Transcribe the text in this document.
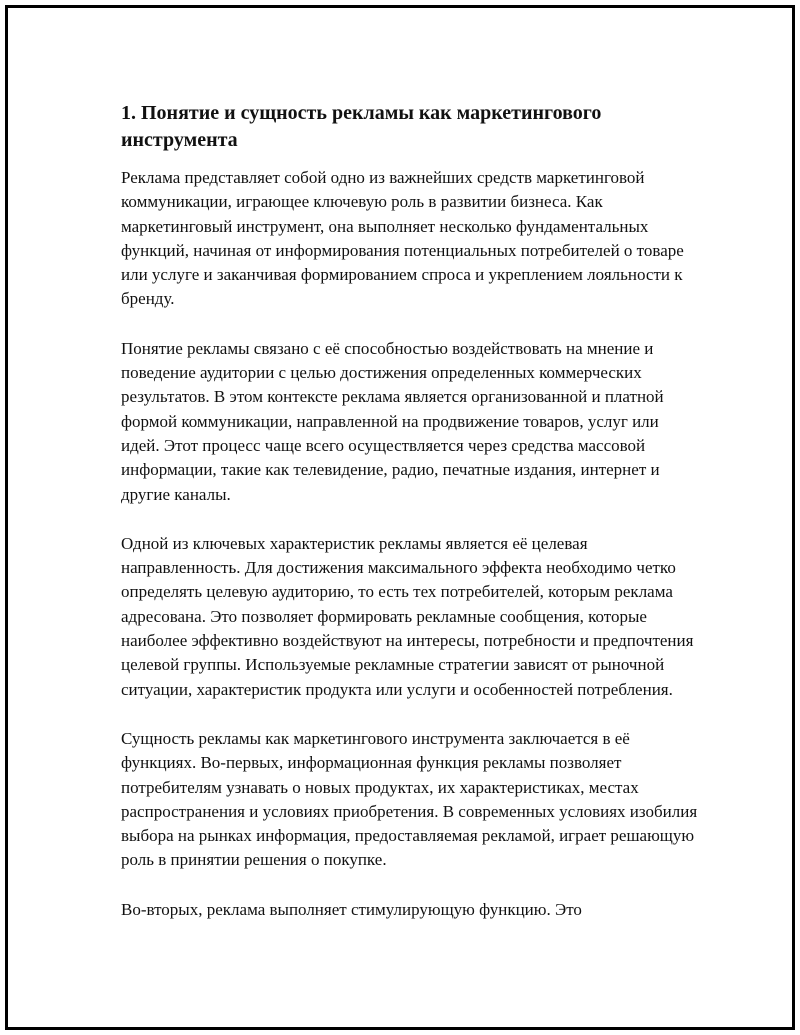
1. Понятие и сущность рекламы как маркетингового инструмента

Реклама представляет собой одно из важнейших средств маркетинговой коммуникации, играющее ключевую роль в развитии бизнеса. Как маркетинговый инструмент, она выполняет несколько фундаментальных функций, начиная от информирования потенциальных потребителей о товаре или услуге и заканчивая формированием спроса и укреплением лояльности к бренду.

Понятие рекламы связано с её способностью воздействовать на мнение и поведение аудитории с целью достижения определенных коммерческих результатов. В этом контексте реклама является организованной и платной формой коммуникации, направленной на продвижение товаров, услуг или идей. Этот процесс чаще всего осуществляется через средства массовой информации, такие как телевидение, радио, печатные издания, интернет и другие каналы.

Одной из ключевых характеристик рекламы является её целевая направленность. Для достижения максимального эффекта необходимо четко определять целевую аудиторию, то есть тех потребителей, которым реклама адресована. Это позволяет формировать рекламные сообщения, которые наиболее эффективно воздействуют на интересы, потребности и предпочтения целевой группы. Используемые рекламные стратегии зависят от рыночной ситуации, характеристик продукта или услуги и особенностей потребления.

Сущность рекламы как маркетингового инструмента заключается в её функциях. Во-первых, информационная функция рекламы позволяет потребителям узнавать о новых продуктах, их характеристиках, местах распространения и условиях приобретения. В современных условиях изобилия выбора на рынках информация, предоставляемая рекламой, играет решающую роль в принятии решения о покупке.

Во-вторых, реклама выполняет стимулирующую функцию. Это
